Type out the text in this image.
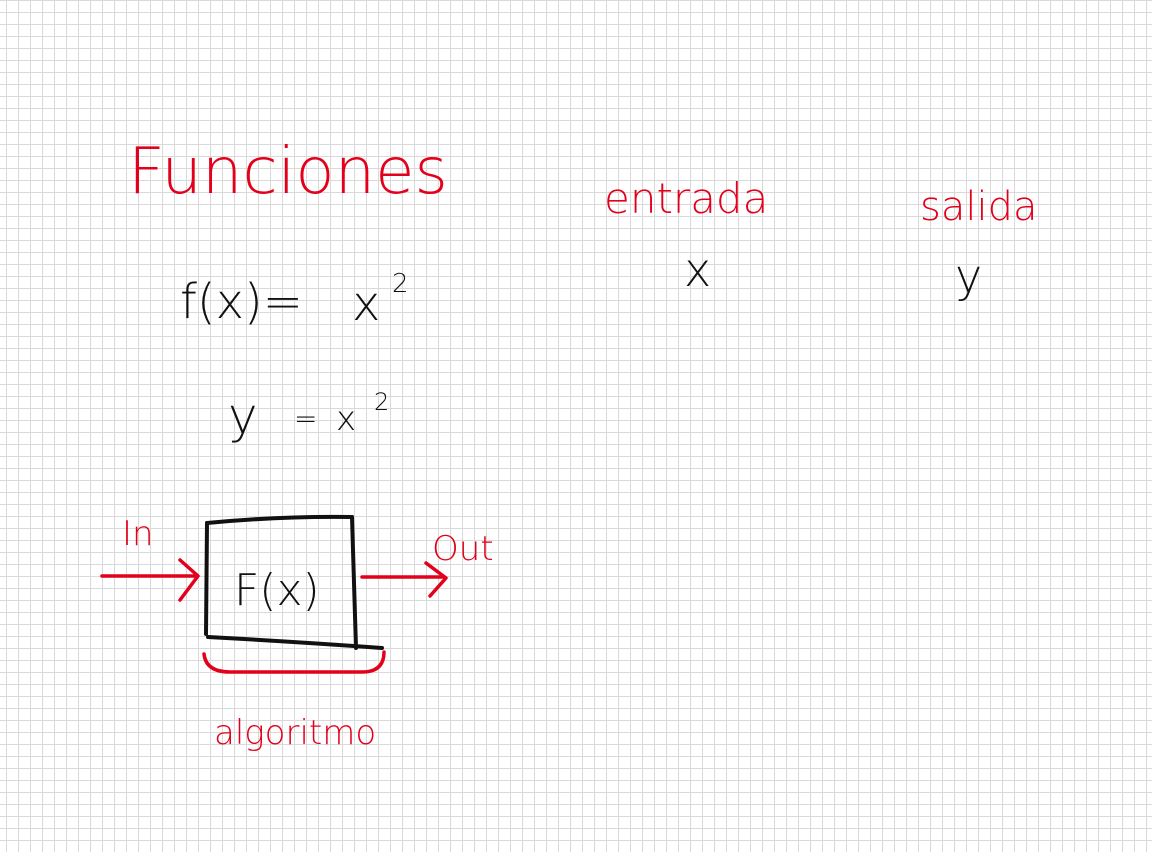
Funciones
f(x)= x 2
y = x 2
entrada	salida
x	y
In
F(x)
Out
algoritmo
